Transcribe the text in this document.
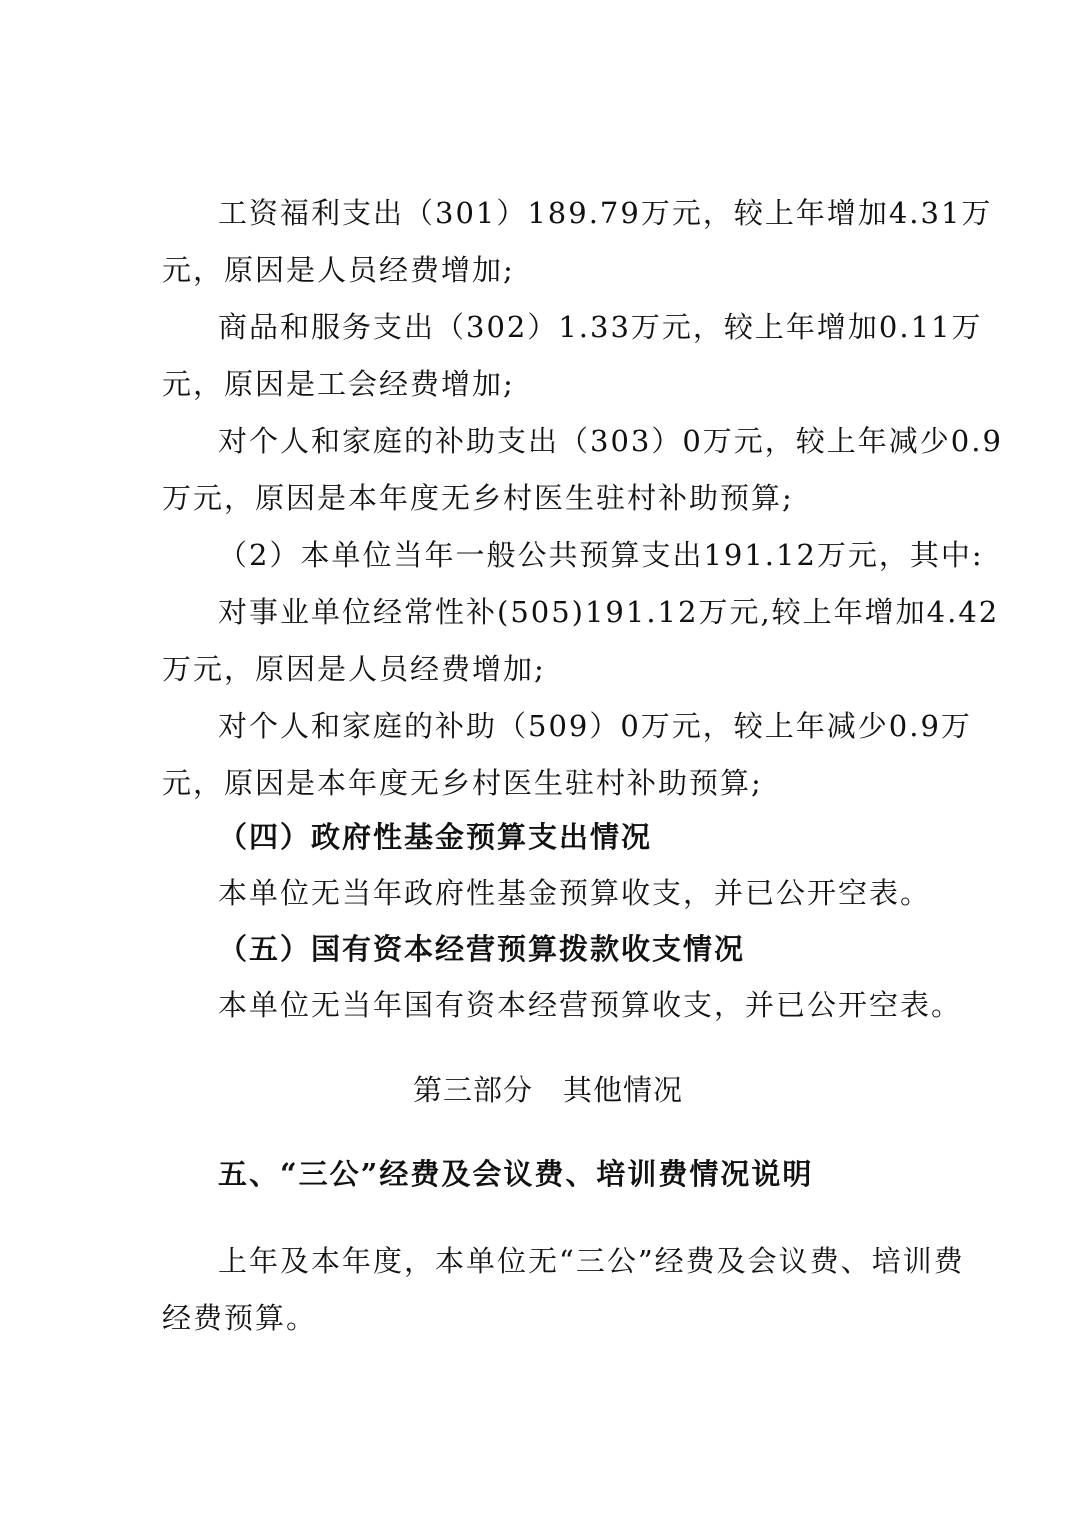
工资福利支出（301）189.79万元，较上年增加4.31万
元，原因是人员经费增加;
商品和服务支出（302）1.33万元，较上年增加0.11万
元，原因是工会经费增加;
对个人和家庭的补助支出（303）0万元，较上年减少0.9
万元，原因是本年度无乡村医生驻村补助预算;
（2）本单位当年一般公共预算支出191.12万元，其中:
对事业单位经常性补(505)191.12万元,较上年增加4.42
万元，原因是人员经费增加;
对个人和家庭的补助（509）0万元，较上年减少0.9万
元，原因是本年度无乡村医生驻村补助预算;
（四）政府性基金预算支出情况
本单位无当年政府性基金预算收支，并已公开空表。
（五）国有资本经营预算拨款收支情况
本单位无当年国有资本经营预算收支，并已公开空表。
第三部分　其他情况
五、“三公”经费及会议费、培训费情况说明
上年及本年度，本单位无“三公”经费及会议费、培训费
经费预算。
